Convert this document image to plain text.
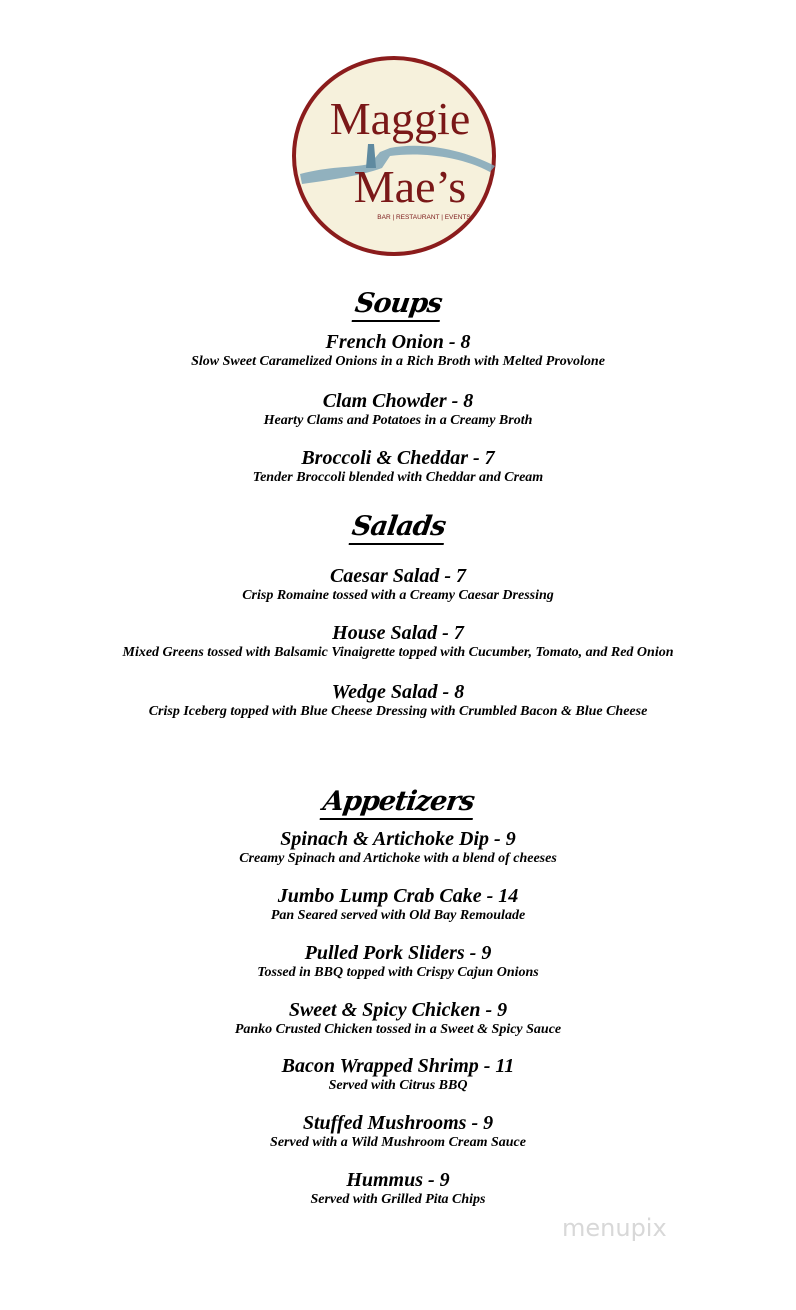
Maggie
Mae’s
BAR | RESTAURANT | EVENTS
Soups
French Onion - 8
Slow Sweet Caramelized Onions in a Rich Broth with Melted Provolone
Clam Chowder - 8
Hearty Clams and Potatoes in a Creamy Broth
Broccoli & Cheddar - 7
Tender Broccoli blended with Cheddar and Cream
Salads
Caesar Salad - 7
Crisp Romaine tossed with a Creamy Caesar Dressing
House Salad - 7
Mixed Greens tossed with Balsamic Vinaigrette topped with Cucumber, Tomato, and Red Onion
Wedge Salad - 8
Crisp Iceberg topped with Blue Cheese Dressing with Crumbled Bacon & Blue Cheese
Appetizers
Spinach & Artichoke Dip - 9
Creamy Spinach and Artichoke with a blend of cheeses
Jumbo Lump Crab Cake - 14
Pan Seared served with Old Bay Remoulade
Pulled Pork Sliders - 9
Tossed in BBQ topped with Crispy Cajun Onions
Sweet & Spicy Chicken - 9
Panko Crusted Chicken tossed in a Sweet & Spicy Sauce
Bacon Wrapped Shrimp - 11
Served with Citrus BBQ
Stuffed Mushrooms - 9
Served with a Wild Mushroom Cream Sauce
Hummus - 9
Served with Grilled Pita Chips
menupix
